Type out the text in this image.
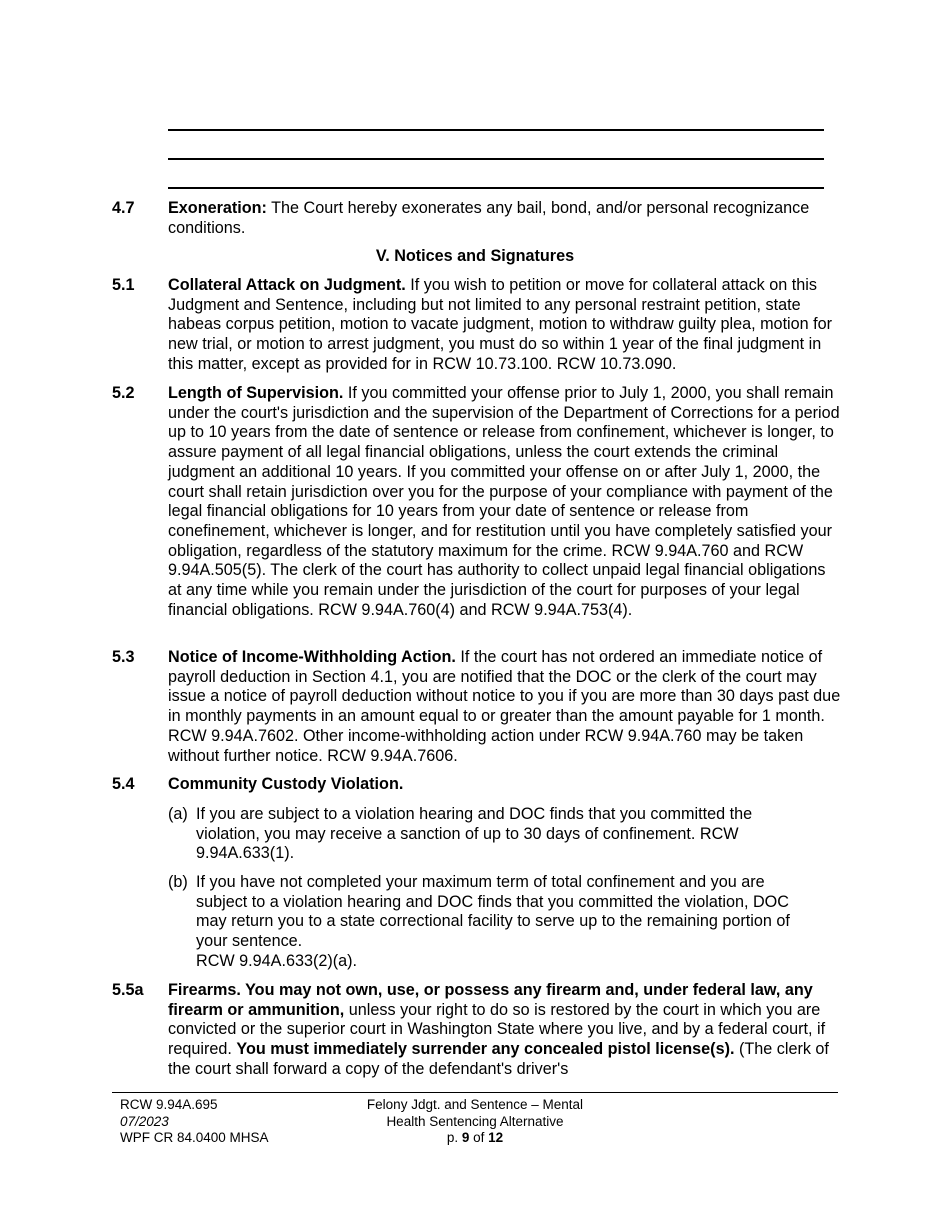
4.7 Exoneration: The Court hereby exonerates any bail, bond, and/or personal recognizance conditions.
V. Notices and Signatures
5.1 Collateral Attack on Judgment. If you wish to petition or move for collateral attack on this Judgment and Sentence, including but not limited to any personal restraint petition, state habeas corpus petition, motion to vacate judgment, motion to withdraw guilty plea, motion for new trial, or motion to arrest judgment, you must do so within 1 year of the final judgment in this matter, except as provided for in RCW 10.73.100. RCW 10.73.090.
5.2 Length of Supervision. If you committed your offense prior to July 1, 2000, you shall remain under the court's jurisdiction and the supervision of the Department of Corrections for a period up to 10 years from the date of sentence or release from confinement, whichever is longer, to assure payment of all legal financial obligations, unless the court extends the criminal judgment an additional 10 years. If you committed your offense on or after July 1, 2000, the court shall retain jurisdiction over you for the purpose of your compliance with payment of the legal financial obligations for 10 years from your date of sentence or release from conefinement, whichever is longer, and for restitution until you have completely satisfied your obligation, regardless of the statutory maximum for the crime. RCW 9.94A.760 and RCW 9.94A.505(5). The clerk of the court has authority to collect unpaid legal financial obligations at any time while you remain under the jurisdiction of the court for purposes of your legal financial obligations. RCW 9.94A.760(4) and RCW 9.94A.753(4).
5.3 Notice of Income-Withholding Action. If the court has not ordered an immediate notice of payroll deduction in Section 4.1, you are notified that the DOC or the clerk of the court may issue a notice of payroll deduction without notice to you if you are more than 30 days past due in monthly payments in an amount equal to or greater than the amount payable for 1 month. RCW 9.94A.7602. Other income-withholding action under RCW 9.94A.760 may be taken without further notice. RCW 9.94A.7606.
5.4 Community Custody Violation.
(a) If you are subject to a violation hearing and DOC finds that you committed the violation, you may receive a sanction of up to 30 days of confinement. RCW 9.94A.633(1).
(b) If you have not completed your maximum term of total confinement and you are subject to a violation hearing and DOC finds that you committed the violation, DOC may return you to a state correctional facility to serve up to the remaining portion of your sentence.
RCW 9.94A.633(2)(a).
5.5a Firearms. You may not own, use, or possess any firearm and, under federal law, any firearm or ammunition, unless your right to do so is restored by the court in which you are convicted or the superior court in Washington State where you live, and by a federal court, if required. You must immediately surrender any concealed pistol license(s). (The clerk of the court shall forward a copy of the defendant's driver's
RCW 9.94A.695
07/2023
WPF CR 84.0400 MHSA
Felony Jdgt. and Sentence – Mental
Health Sentencing Alternative
p. 9 of 12
